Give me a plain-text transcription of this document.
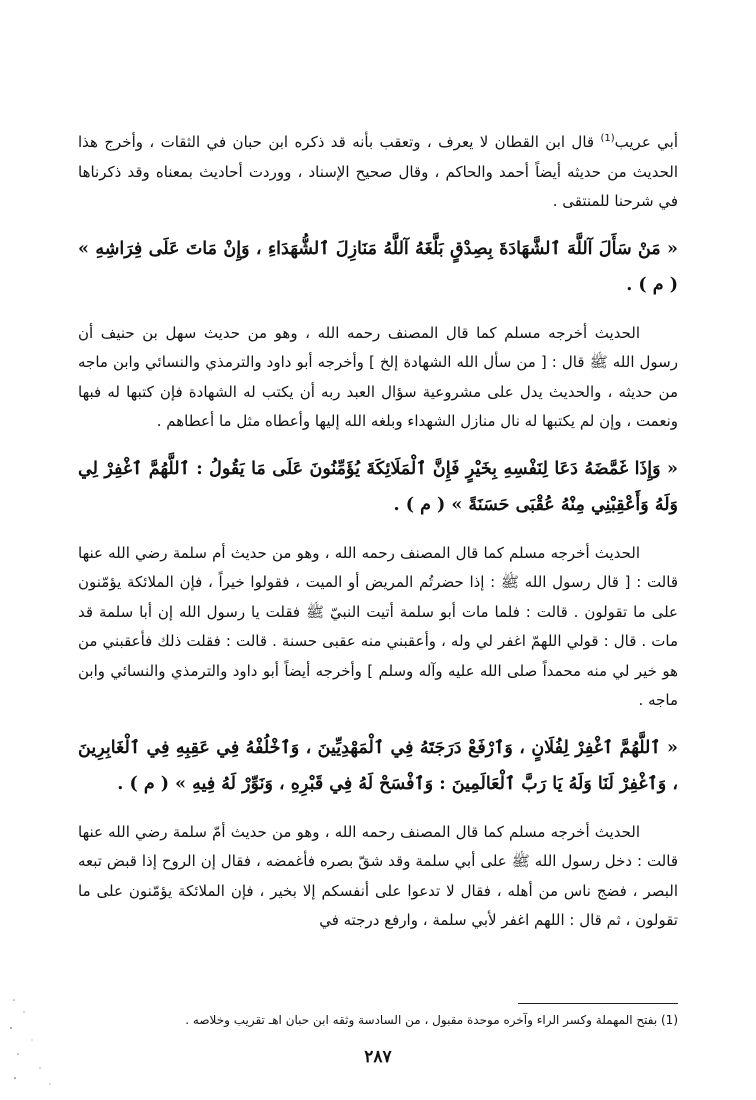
أبي عريب$^{(1)}$ قال ابن القطان لا يعرف ، وتعقب بأنه قد ذكره ابن حبان في الثقات ، وأخرج هذا الحديث من حديثه أيضاً أحمد والحاكم ، وقال صحيح الإسناد ، ووردت أحاديث بمعناه وقد ذكرناها في شرحنا للمنتقى .

« مَنْ سَأَلَ آللَّهَ ٱلشَّهَادَةَ بِصِدْقٍ بَلَّغَهُ آللَّهُ مَنَازِلَ ٱلشُّهَدَاءِ ، وَإِنْ مَاتَ عَلَى فِرَاشِهِ » ( م ) .

الحديث أخرجه مسلم كما قال المصنف رحمه الله ، وهو من حديث سهل بن حنيف أن رسول الله ﷺ قال : [ من سأل الله الشهادة إلخ ] وأخرجه أبو داود والترمذي والنسائي وابن ماجه من حديثه ، والحديث يدل على مشروعية سؤال العبد ربه أن يكتب له الشهادة فإن كتبها له فبها ونعمت ، وإن لم يكتبها له نال منازل الشهداء وبلغه الله إليها وأعطاه مثل ما أعطاهم .

« وَإِذَا غَمَّضَهُ دَعَا لِنَفْسِهِ بِخَيْرٍ فَإِنَّ ٱلْمَلَائِكَةَ يُؤَمِّنُونَ عَلَى مَا يَقُولُ : ٱللَّهُمَّ ٱغْفِرْ لِي وَلَهُ وَأَعْقِبْنِي مِنْهُ عُقْبَى حَسَنَةً » ( م ) .

الحديث أخرجه مسلم كما قال المصنف رحمه الله ، وهو من حديث أم سلمة رضي الله عنها قالت : [ قال رسول الله ﷺ : إذا حضرتُم المريض أو الميت ، فقولوا خيراً ، فإن الملائكة يؤمّنون على ما تقولون . قالت : فلما مات أبو سلمة أتيت النبيّ ﷺ فقلت يا رسول الله إن أبا سلمة قد مات . قال : قولي اللهمّ اغفر لي وله ، وأعقبني منه عقبى حسنة . قالت : فقلت ذلك فأعقبني من هو خير لي منه محمداً صلى الله عليه وآله وسلم ] وأخرجه أيضاً أبو داود والترمذي والنسائي وابن ماجه .

« ٱللَّهُمَّ ٱغْفِرْ لِفُلَانٍ ، وَٱرْفَعْ دَرَجَتَهُ فِي ٱلْمَهْدِيِّينَ ، وَٱخْلُفْهُ فِي عَقِبِهِ فِي ٱلْغَابِرِينَ ، وَٱغْفِرْ لَنَا وَلَهُ يَا رَبَّ ٱلْعَالَمِينَ : وَٱفْسَحْ لَهُ فِي قَبْرِهِ ، وَنَوِّرْ لَهُ فِيهِ » ( م ) .

الحديث أخرجه مسلم كما قال المصنف رحمه الله ، وهو من حديث أمّ سلمة رضي الله عنها قالت : دخل رسول الله ﷺ على أبي سلمة وقد شقّ بصره فأغمضه ، فقال إن الروح إذا قبض تبعه البصر ، فضج ناس من أهله ، فقال لا تدعوا على أنفسكم إلا بخير ، فإن الملائكة يؤمّنون على ما تقولون ، ثم قال : اللهم اغفر لأبي سلمة ، وارفع درجته في

(1) بفتح المهملة وكسر الراء وآخره موحدة مقبول ، من السادسة وثقه ابن حبان اهـ تقريب وخلاصه .
٢٨٧
